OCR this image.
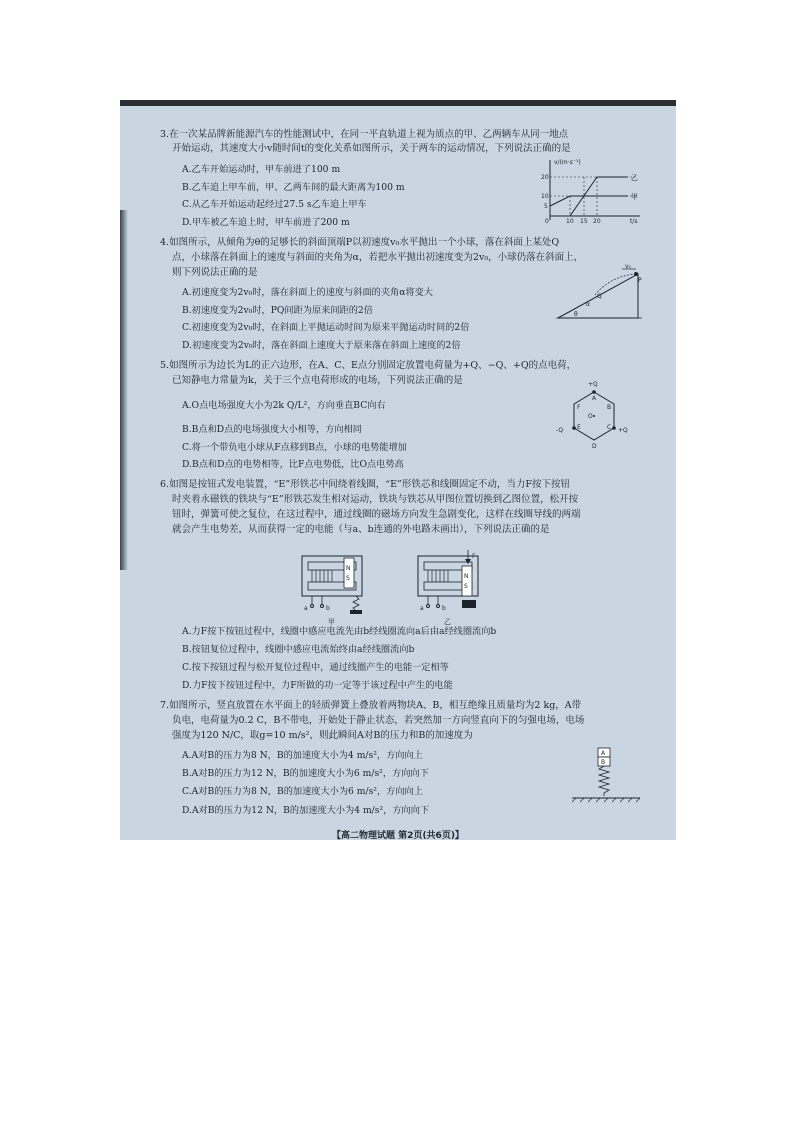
3.在一次某品牌新能源汽车的性能测试中，在同一平直轨道上视为质点的甲、乙两辆车从同一地点
开始运动，其速度大小v随时间t的变化关系如图所示，关于两车的运动情况，下列说法正确的是
A.乙车开始运动时，甲车前进了100 m
B.乙车追上甲车前，甲、乙两车间的最大距离为100 m
C.从乙车开始运动起经过27.5 s乙车追上甲车
D.甲车被乙车追上时，甲车前进了200 m
v/(m·s⁻¹)
t/s
20
10
5
0	10 15 20
乙
甲
4.如图所示，从倾角为θ的足够长的斜面顶端P以初速度v₀水平抛出一个小球，落在斜面上某处Q
点，小球落在斜面上的速度与斜面的夹角为α，若把水平抛出初速度变为2v₀，小球仍落在斜面上，
则下列说法正确的是
A.初速度变为2v₀时，落在斜面上的速度与斜面的夹角α将变大
B.初速度变为2v₀时，PQ间距为原来间距的2倍
C.初速度变为2v₀时，在斜面上平抛运动时间为原来平抛运动时间的2倍
D.初速度变为2v₀时，落在斜面上速度大于原来落在斜面上速度的2倍
v₀
P
Q
θ
α
5.如图所示为边长为L的正六边形，在A、C、E点分别固定放置电荷量为+Q、−Q、+Q的点电荷，
已知静电力常量为k，关于三个点电荷形成的电场，下列说法正确的是
A.O点电场强度大小为2k Q/L²，方向垂直BC向右
B.B点和D点的电场强度大小相等，方向相同
C.将一个带负电小球从F点移到B点，小球的电势能增加
D.B点和D点的电势相等，比F点电势低，比O点电势高
+Q
+Q
-Q
A
B
C
D
E
F
O
6.如图是按钮式发电装置，“E”形铁芯中间绕着线圈，“E”形铁芯和线圈固定不动，当力F按下按钮
时夹着永磁铁的铁块与“E”形铁芯发生相对运动，铁块与铁芯从甲图位置切换到乙图位置，松开按
钮时，弹簧可使之复位，在这过程中，通过线圈的磁场方向发生急剧变化，这样在线圈导线的两端
就会产生电势差，从而获得一定的电能（与a、b连通的外电路未画出），下列说法正确的是
N
S
a	b
甲
N
S
F
a	b
乙
A.力F按下按钮过程中，线圈中感应电流先由b经线圈流向a后由a经线圈流向b
B.按钮复位过程中，线圈中感应电流始终由a经线圈流向b
C.按下按钮过程与松开复位过程中，通过线圈产生的电能一定相等
D.力F按下按钮过程中，力F所做的功一定等于该过程中产生的电能
7.如图所示，竖直放置在水平面上的轻质弹簧上叠放着两物块A、B，相互绝缘且质量均为2 kg，A带
负电，电荷量为0.2 C，B不带电，开始处于静止状态，若突然加一方向竖直向下的匀强电场，电场
强度为120 N/C，取g=10 m/s²，则此瞬间A对B的压力和B的加速度为
A.A对B的压力为8 N，B的加速度大小为4 m/s²，方向向上
B.A对B的压力为12 N，B的加速度大小为6 m/s²，方向向下
C.A对B的压力为8 N，B的加速度大小为6 m/s²，方向向上
D.A对B的压力为12 N，B的加速度大小为4 m/s²，方向向下
A
B
【高二物理试题 第2页(共6页)】
